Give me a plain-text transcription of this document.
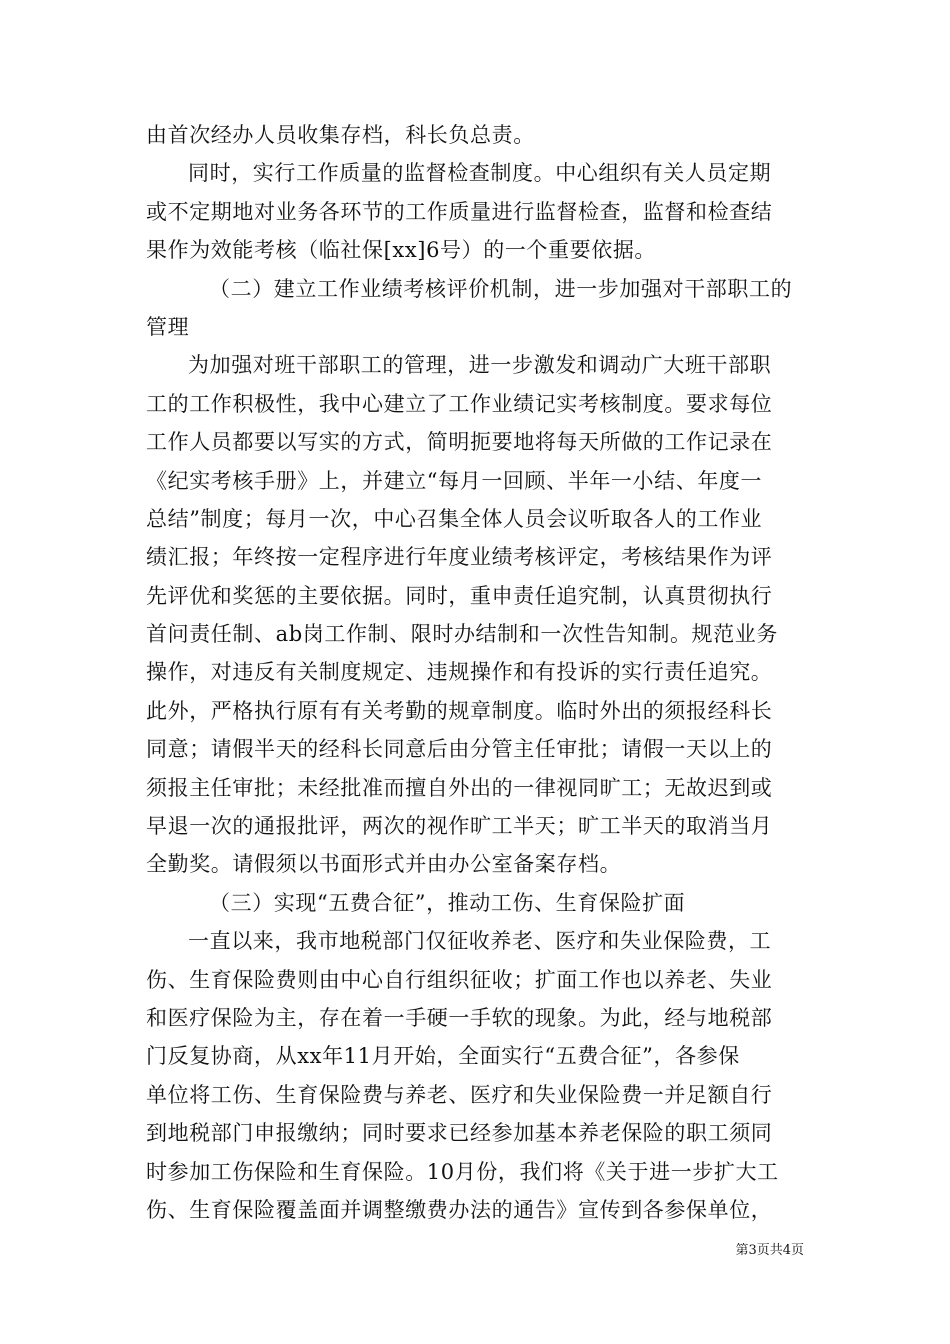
由首次经办人员收集存档，科长负总责。
同时，实行工作质量的监督检查制度。中心组织有关人员定期
或不定期地对业务各环节的工作质量进行监督检查，监督和检查结
果作为效能考核（临社保[xx]6号）的一个重要依据。
（二）建立工作业绩考核评价机制，进一步加强对干部职工的
管理
为加强对班干部职工的管理，进一步激发和调动广大班干部职
工的工作积极性，我中心建立了工作业绩记实考核制度。要求每位
工作人员都要以写实的方式，简明扼要地将每天所做的工作记录在
《纪实考核手册》上，并建立“每月一回顾、半年一小结、年度一
总结”制度；每月一次，中心召集全体人员会议听取各人的工作业
绩汇报；年终按一定程序进行年度业绩考核评定，考核结果作为评
先评优和奖惩的主要依据。同时，重申责任追究制，认真贯彻执行
首问责任制、ab岗工作制、限时办结制和一次性告知制。规范业务
操作，对违反有关制度规定、违规操作和有投诉的实行责任追究。
此外，严格执行原有有关考勤的规章制度。临时外出的须报经科长
同意；请假半天的经科长同意后由分管主任审批；请假一天以上的
须报主任审批；未经批准而擅自外出的一律视同旷工；无故迟到或
早退一次的通报批评，两次的视作旷工半天；旷工半天的取消当月
全勤奖。请假须以书面形式并由办公室备案存档。
（三）实现“五费合征”，推动工伤、生育保险扩面
一直以来，我市地税部门仅征收养老、医疗和失业保险费，工
伤、生育保险费则由中心自行组织征收；扩面工作也以养老、失业
和医疗保险为主，存在着一手硬一手软的现象。为此，经与地税部
门反复协商，从xx年11月开始，全面实行“五费合征”，各参保
单位将工伤、生育保险费与养老、医疗和失业保险费一并足额自行
到地税部门申报缴纳；同时要求已经参加基本养老保险的职工须同
时参加工伤保险和生育保险。10月份，我们将《关于进一步扩大工
伤、生育保险覆盖面并调整缴费办法的通告》宣传到各参保单位，
第3页共4页
